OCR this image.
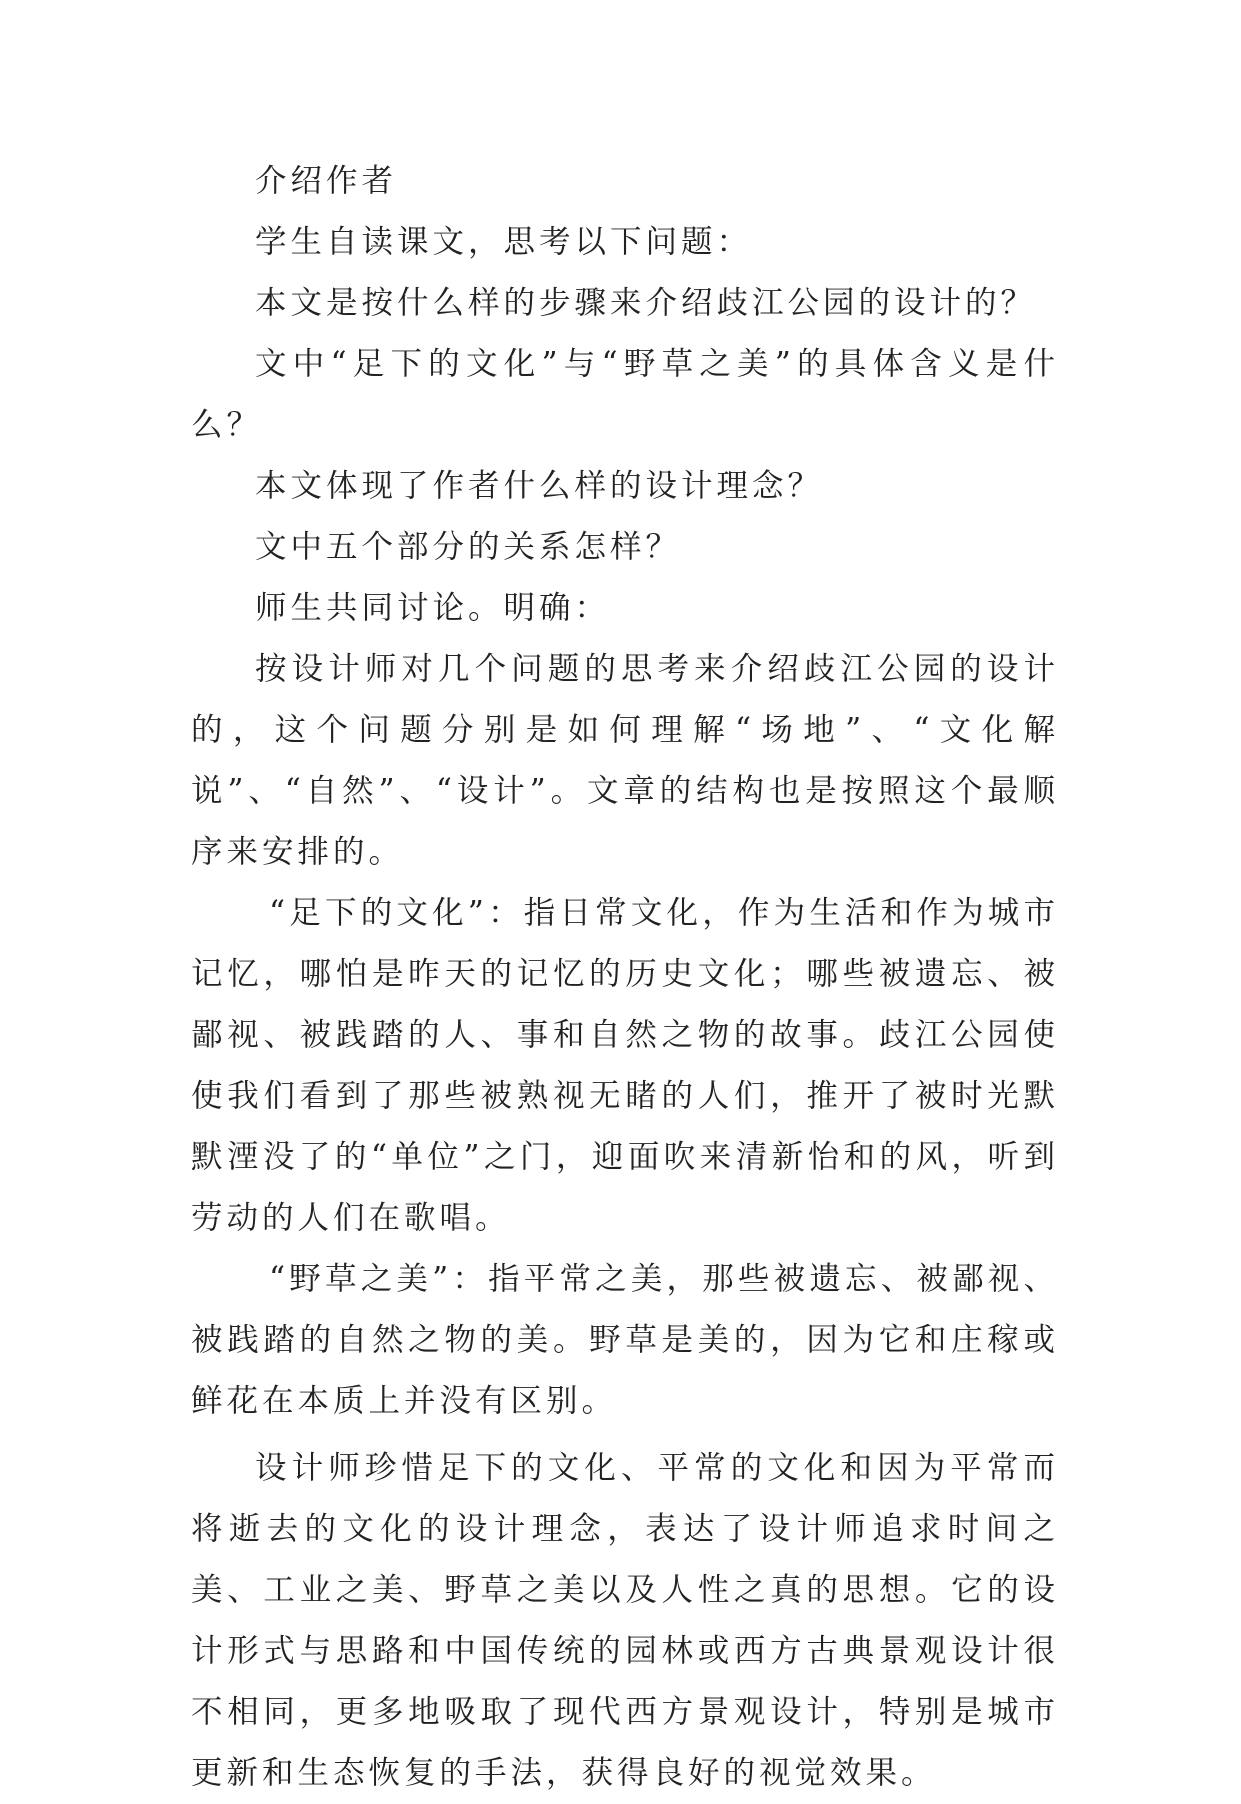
介绍作者

学生自读课文，思考以下问题：

本文是按什么样的步骤来介绍歧江公园的设计的？

文中“足下的文化”与“野草之美”的具体含义是什么？

本文体现了作者什么样的设计理念？

文中五个部分的关系怎样？

师生共同讨论。明确：

按设计师对几个问题的思考来介绍歧江公园的设计的，这个问题分别是如何理解“场地”、“文化解说”、“自然”、“设计”。文章的结构也是按照这个最顺序来安排的。

“足下的文化”：指日常文化，作为生活和作为城市记忆，哪怕是昨天的记忆的历史文化；哪些被遗忘、被鄙视、被践踏的人、事和自然之物的故事。歧江公园使使我们看到了那些被熟视无睹的人们，推开了被时光默默湮没了的“单位”之门，迎面吹来清新怡和的风，听到劳动的人们在歌唱。

“野草之美”：指平常之美，那些被遗忘、被鄙视、被践踏的自然之物的美。野草是美的，因为它和庄稼或鲜花在本质上并没有区别。

设计师珍惜足下的文化、平常的文化和因为平常而将逝去的文化的设计理念，表达了设计师追求时间之美、工业之美、野草之美以及人性之真的思想。它的设计形式与思路和中国传统的园林或西方古典景观设计很不相同，更多地吸取了现代西方景观设计，特别是城市更新和生态恢复的手法，获得良好的视觉效果。
